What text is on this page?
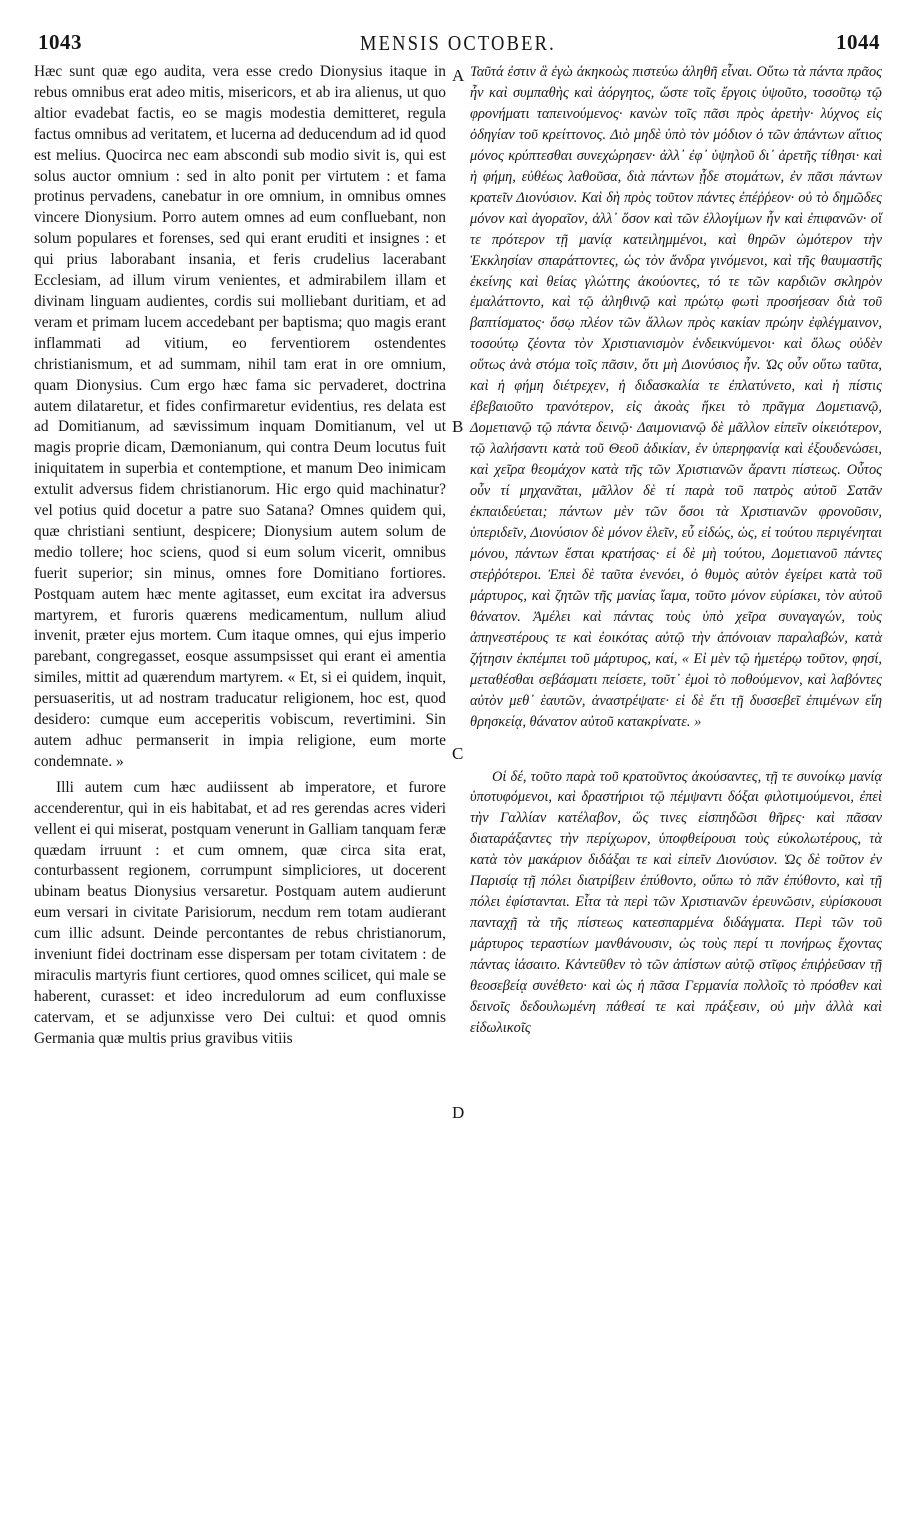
1043	MENSIS OCTOBER.	1044

Hæc sunt quæ ego audita, vera esse credo Dionysius itaque in rebus omnibus erat adeo mitis, misericors, et ab ira alienus, ut quo altior evadebat factis, eo se magis modestia demitteret, regula factus omnibus ad veritatem, et lucerna ad deducendum ad id quod est melius. Quocirca nec eam abscondi sub modio sivit is, qui est solus auctor omnium : sed in alto ponit per virtutem : et fama protinus pervadens, canebatur in ore omnium, in omnibus omnes vincere Dionysium. Porro autem omnes ad eum confluebant, non solum populares et forenses, sed qui erant eruditi et insignes : et qui prius laborabant insania, et feris crudelius lacerabant Ecclesiam, ad illum virum venientes, et admirabilem illam et divinam linguam audientes, cordis sui molliebant duritiam, et ad veram et primam lucem accedebant per baptisma; quo magis erant inflammati ad vitium, eo ferventiorem ostendentes christianismum, et ad summam, nihil tam erat in ore omnium, quam Dionysius. Cum ergo hæc fama sic pervaderet, doctrina autem dilataretur, et fides confirmaretur evidentius, res delata est ad Domitianum, ad sævissimum inquam Domitianum, vel ut magis proprie dicam, Dæmonianum, qui contra Deum locutus fuit iniquitatem in superbia et contemptione, et manum Deo inimicam extulit adversus fidem christianorum. Hic ergo quid machinatur? vel potius quid docetur a patre suo Satana? Omnes quidem qui, quæ christiani sentiunt, despicere; Dionysium autem solum de medio tollere; hoc sciens, quod si eum solum vicerit, omnibus fuerit superior; sin minus, omnes fore Domitiano fortiores. Postquam autem hæc mente agitasset, eum excitat ira adversus martyrem, et furoris quærens medicamentum, nullum aliud invenit, præter ejus mortem. Cum itaque omnes, qui ejus imperio parebant, congregasset, eosque assumpsisset qui erant ei amentia similes, mittit ad quærendum martyrem. « Et, si ei quidem, inquit, persuaseritis, ut ad nostram traducatur religionem, hoc est, quod desidero: cumque eum acceperitis vobiscum, revertimini. Sin autem adhuc permanserit in impia religione, eum morte condemnate. »

Illi autem cum hæc audiissent ab imperatore, et furore accenderentur, qui in eis habitabat, et ad res gerendas acres videri vellent ei qui miserat, postquam venerunt in Galliam tanquam feræ quædam irruunt : et cum omnem, quæ circa sita erat, conturbassent regionem, corrumpunt simpliciores, ut docerent ubinam beatus Dionysius versaretur. Postquam autem audierunt eum versari in civitate Parisiorum, necdum rem totam audierant cum illic adsunt. Deinde percontantes de rebus christianorum, inveniunt fidei doctrinam esse dispersam per totam civitatem : de miraculis martyris fiunt certiores, quod omnes scilicet, qui male se haberent, curasset: et ideo incredulorum ad eum confluxisse catervam, et se adjunxisse vero Dei cultui: et quod omnis Germania quæ multis prius gravibus vitiis

A
B
C
D

Ταῦτά ἐστιν ἃ ἐγὼ ἀκηκοὼς πιστεύω ἀληθῆ εἶναι. Οὕτω τὰ πάντα πρᾶος ἦν καὶ συμπαθὴς καὶ ἀόργητος, ὥστε τοῖς ἔργοις ὑψοῦτο, τοσοῦτῳ τῷ φρονήματι ταπεινούμενος· κανὼν τοῖς πᾶσι πρὸς ἀρετὴν· λύχνος εἰς ὁδηγίαν τοῦ κρείττονος. Διὸ μηδὲ ὑπὸ τὸν μόδιον ὁ τῶν ἁπάντων αἴτιος μόνος κρύπτεσθαι συνεχώρησεν· ἀλλ᾽ ἐφ᾽ ὑψηλοῦ δι᾽ ἀρετῆς τίθησι· καὶ ἡ φήμη, εὐθέως λαθοῦσα, διὰ πάντων ᾖδε στομάτων, ἐν πᾶσι πάντων κρατεῖν Διονύσιον. Καὶ δὴ πρὸς τοῦτον πάντες ἐπέῤῥεον· οὐ τὸ δημῶδες μόνον καὶ ἀγοραῖον, ἀλλ᾽ ὅσον καὶ τῶν ἐλλογίμων ἦν καὶ ἐπιφανῶν· οἵ τε πρότερον τῇ μανίᾳ κατειλημμένοι, καὶ θηρῶν ὠμότερον τὴν Ἐκκλησίαν σπαράττοντες, ὡς τὸν ἄνδρα γινόμενοι, καὶ τῆς θαυμαστῆς ἐκείνης καὶ θείας γλώττης ἀκούοντες, τό τε τῶν καρδιῶν σκληρὸν ἐμαλάττοντο, καὶ τῷ ἀληθινῷ καὶ πρώτῳ φωτὶ προσήεσαν διὰ τοῦ βαπτίσματος· ὅσῳ πλέον τῶν ἄλλων πρὸς κακίαν πρώην ἐφλέγμαινον, τοσούτῳ ζέοντα τὸν Χριστιανισμὸν ἐνδεικνύμενοι· καὶ ὅλως οὐδὲν οὕτως ἀνὰ στόμα τοῖς πᾶσιν, ὅτι μὴ Διονύσιος ἦν. Ὡς οὖν οὕτω ταῦτα, καὶ ἡ φήμη διέτρεχεν, ἡ διδασκαλία τε ἐπλατύνετο, καὶ ἡ πίστις ἐβεβαιοῦτο τρανότερον, εἰς ἀκοὰς ἥκει τὸ πρᾶγμα Δομετιανῷ, Δομετιανῷ τῷ πάντα δεινῷ· Δαιμονιανῷ δὲ μᾶλλον εἰπεῖν οἰκειότερον, τῷ λαλήσαντι κατὰ τοῦ Θεοῦ ἀδικίαν, ἐν ὑπερηφανίᾳ καὶ ἐξουδενώσει, καὶ χεῖρα θεομάχον κατὰ τῆς τῶν Χριστιανῶν ἄραντι πίστεως. Οὗτος οὖν τί μηχανᾶται, μᾶλλον δὲ τί παρὰ τοῦ πατρὸς αὐτοῦ Σατᾶν ἐκπαιδεύεται; πάντων μὲν τῶν ὅσοι τὰ Χριστιανῶν φρονοῦσιν, ὑπεριδεῖν, Διονύσιον δὲ μόνον ἑλεῖν, εὖ εἰδώς, ὡς, εἰ τούτου περιγένηται μόνου, πάντων ἔσται κρατήσας· εἰ δὲ μὴ τούτου, Δομετιανοῦ πάντες στεῤῥότεροι. Ἐπεὶ δὲ ταῦτα ἐνενόει, ὁ θυμὸς αὐτὸν ἐγείρει κατὰ τοῦ μάρτυρος, καὶ ζητῶν τῆς μανίας ἴαμα, τοῦτο μόνον εὑρίσκει, τὸν αὐτοῦ θάνατον. Ἀμέλει καὶ πάντας τοὺς ὑπὸ χεῖρα συναγαγών, τοὺς ἀπηνεστέρους τε καὶ ἐοικότας αὐτῷ τὴν ἀπόνοιαν παραλαβών, κατὰ ζήτησιν ἐκπέμπει τοῦ μάρτυρος, καί, « Εἰ μὲν τῷ ἡμετέρῳ τοῦτον, φησί, μεταθέσθαι σεβάσματι πείσετε, τοῦτ᾽ ἐμοὶ τὸ ποθούμενον, καὶ λαβόντες αὐτὸν μεθ᾽ ἑαυτῶν, ἀναστρέψατε· εἰ δὲ ἔτι τῇ δυσσεβεῖ ἐπιμένων εἴη θρησκείᾳ, θάνατον αὐτοῦ κατακρίνατε. »

Οἱ δέ, τοῦτο παρὰ τοῦ κρατοῦντος ἀκούσαντες, τῇ τε συνοίκῳ μανίᾳ ὑποτυφόμενοι, καὶ δραστήριοι τῷ πέμψαντι δόξαι φιλοτιμούμενοι, ἐπεὶ τὴν Γαλλίαν κατέλαβον, ὥς τινες εἰσπηδῶσι θῆρες· καὶ πᾶσαν διαταράξαντες τὴν περίχωρον, ὑποφθείρουσι τοὺς εὐκολωτέρους, τὰ κατὰ τὸν μακάριον διδάξαι τε καὶ εἰπεῖν Διονύσιον. Ὡς δὲ τοῦτον ἐν Παρισίᾳ τῇ πόλει διατρίβειν ἐπύθοντο, οὔπω τὸ πᾶν ἐπύθοντο, καὶ τῇ πόλει ἐφίστανται. Εἶτα τὰ περὶ τῶν Χριστιανῶν ἐρευνῶσιν, εὑρίσκουσι πανταχῇ τὰ τῆς πίστεως κατεσπαρμένα διδάγματα. Περὶ τῶν τοῦ μάρτυρος τεραστίων μανθάνουσιν, ὡς τοὺς περί τι πονήρως ἔχοντας πάντας ἰάσαιτο. Κἀντεῦθεν τὸ τῶν ἀπίστων αὐτῷ στῖφος ἐπιῤῥεῦσαν τῇ θεοσεβείᾳ συνέθετο· καὶ ὡς ἡ πᾶσα Γερμανία πολλοῖς τὸ πρόσθεν καὶ δεινοῖς δεδουλωμένη πάθεσί τε καὶ πράξεσιν, οὐ μὴν ἀλλὰ καὶ εἰδωλικοῖς
